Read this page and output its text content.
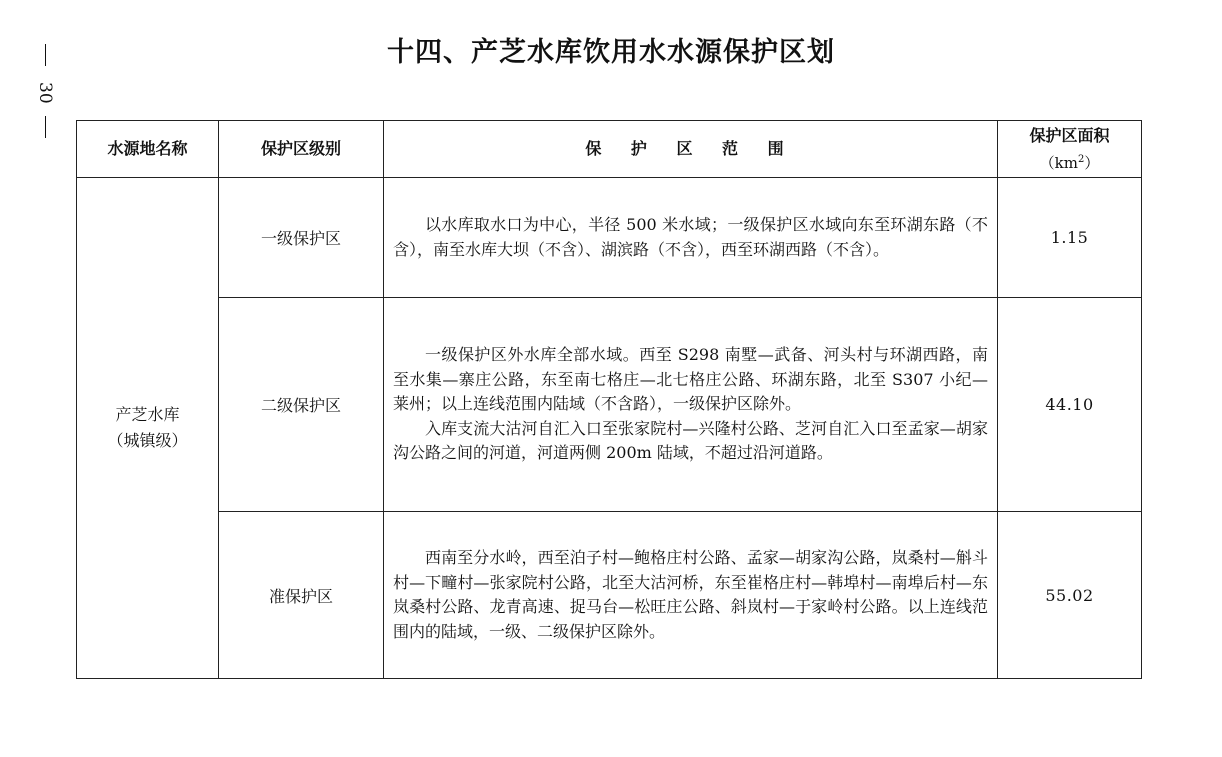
30
十四、产芝水库饮用水水源保护区划
水源地名称	保护区级别	保 护 区 范 围	保护区面积
$(km^2)$

产芝水库
（城镇级）	一级保护区	以水库取水口为中心，半径 500 米水域；一级保护区水域向东至环湖东路（不含），南至水库大坝（不含）、湖滨路（不含），西至环湖西路（不含）。	1.15
	二级保护区	一级保护区外水库全部水域。西至 S298 南墅—武备、河头村与环湖西路，南至水集—寨庄公路，东至南七格庄—北七格庄公路、环湖东路，北至 S307 小纪—莱州；以上连线范围内陆域（不含路），一级保护区除外。

入库支流大沽河自汇入口至张家院村—兴隆村公路、芝河自汇入口至孟家—胡家沟公路之间的河道，河道两侧 200m 陆域，不超过沿河道路。	44.10
	准保护区	西南至分水岭，西至泊子村—鲍格庄村公路、孟家—胡家沟公路，岚桑村—斛斗村—下疃村—张家院村公路，北至大沽河桥，东至崔格庄村—韩埠村—南埠后村—东岚桑村公路、龙青高速、捉马台—松旺庄公路、斜岚村—于家岭村公路。以上连线范围内的陆域，一级、二级保护区除外。	55.02
